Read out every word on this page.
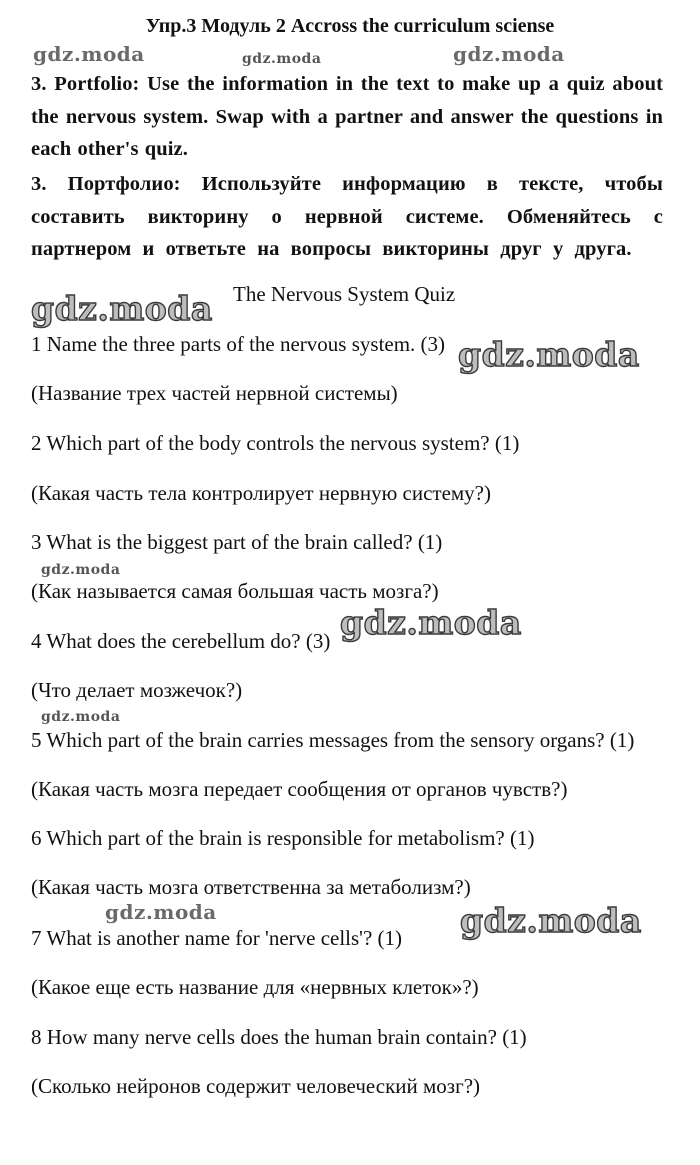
Упр.3 Модуль 2 Accross the curriculum sciense
3. Portfolio: Use the information in the text to make up a quiz about the nervous system. Swap with a partner and answer the questions in each other's quiz.
3. Портфолио: Используйте информацию в тексте, чтобы составить викторину о нервной системе. Обменяйтесь с партнером и ответьте на вопросы викторины друг у друга.
The Nervous System Quiz
1 Name the three parts of the nervous system. (3)
(Название трех частей нервной системы)
2 Which part of the body controls the nervous system? (1)
(Какая часть тела контролирует нервную систему?)
3 What is the biggest part of the brain called? (1)
(Как называется самая большая часть мозга?)
4 What does the cerebellum do? (3)
(Что делает мозжечок?)
5 Which part of the brain carries messages from the sensory organs? (1)
(Какая часть мозга передает сообщения от органов чувств?)
6 Which part of the brain is responsible for metabolism? (1)
(Какая часть мозга ответственна за метаболизм?)
7 What is another name for 'nerve cells'? (1)
(Какое еще есть название для «нервных клеток»?)
8 How many nerve cells does the human brain contain? (1)
(Сколько нейронов содержит человеческий мозг?)
gdz.moda	gdz.moda	gdz.moda
gdz.moda
gdz.moda
gdz.moda
gdz.moda
gdz.moda
gdz.moda	gdz.moda
